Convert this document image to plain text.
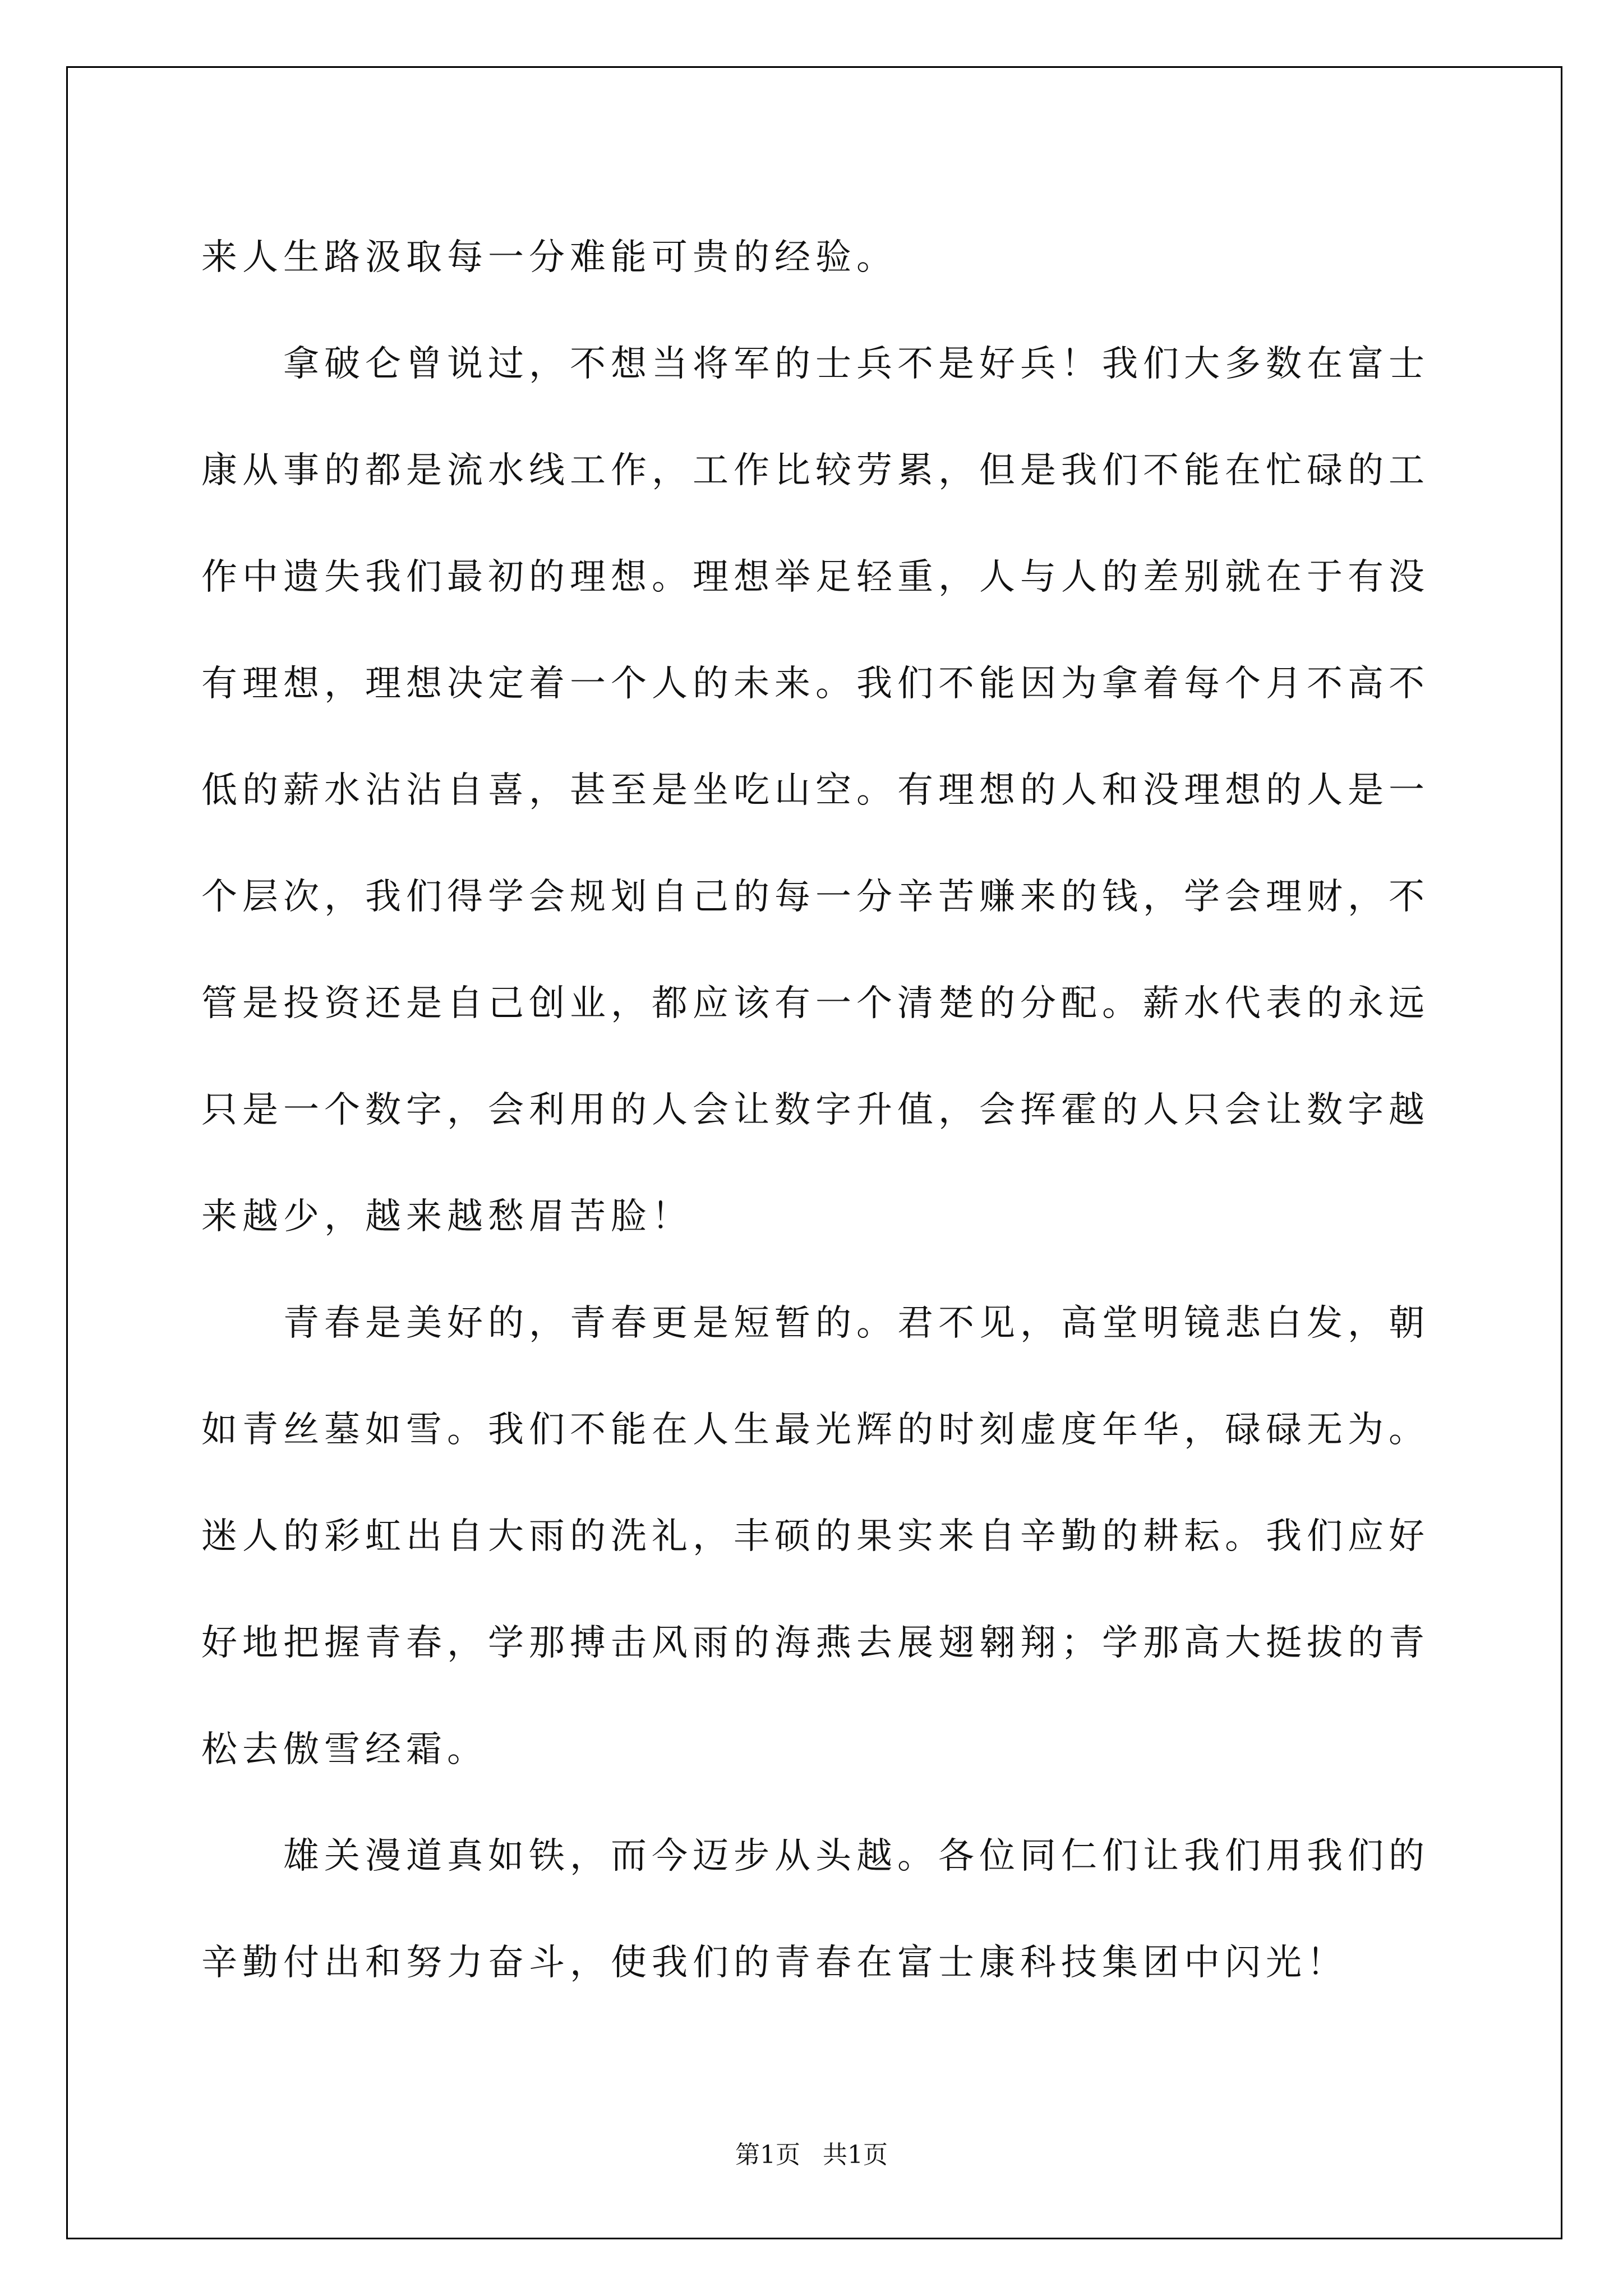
来人生路汲取每一分难能可贵的经验。
拿破仑曾说过，不想当将军的士兵不是好兵！我们大多数在富士
康从事的都是流水线工作，工作比较劳累，但是我们不能在忙碌的工
作中遗失我们最初的理想。理想举足轻重，人与人的差别就在于有没
有理想，理想决定着一个人的未来。我们不能因为拿着每个月不高不
低的薪水沾沾自喜，甚至是坐吃山空。有理想的人和没理想的人是一
个层次，我们得学会规划自己的每一分辛苦赚来的钱，学会理财，不
管是投资还是自己创业，都应该有一个清楚的分配。薪水代表的永远
只是一个数字，会利用的人会让数字升值，会挥霍的人只会让数字越
来越少，越来越愁眉苦脸！
青春是美好的，青春更是短暂的。君不见，高堂明镜悲白发，朝
如青丝墓如雪。我们不能在人生最光辉的时刻虚度年华，碌碌无为。
迷人的彩虹出自大雨的洗礼，丰硕的果实来自辛勤的耕耘。我们应好
好地把握青春，学那搏击风雨的海燕去展翅翱翔；学那高大挺拔的青
松去傲雪经霜。
雄关漫道真如铁，而今迈步从头越。各位同仁们让我们用我们的
辛勤付出和努力奋斗，使我们的青春在富士康科技集团中闪光！
第1页 共1页
